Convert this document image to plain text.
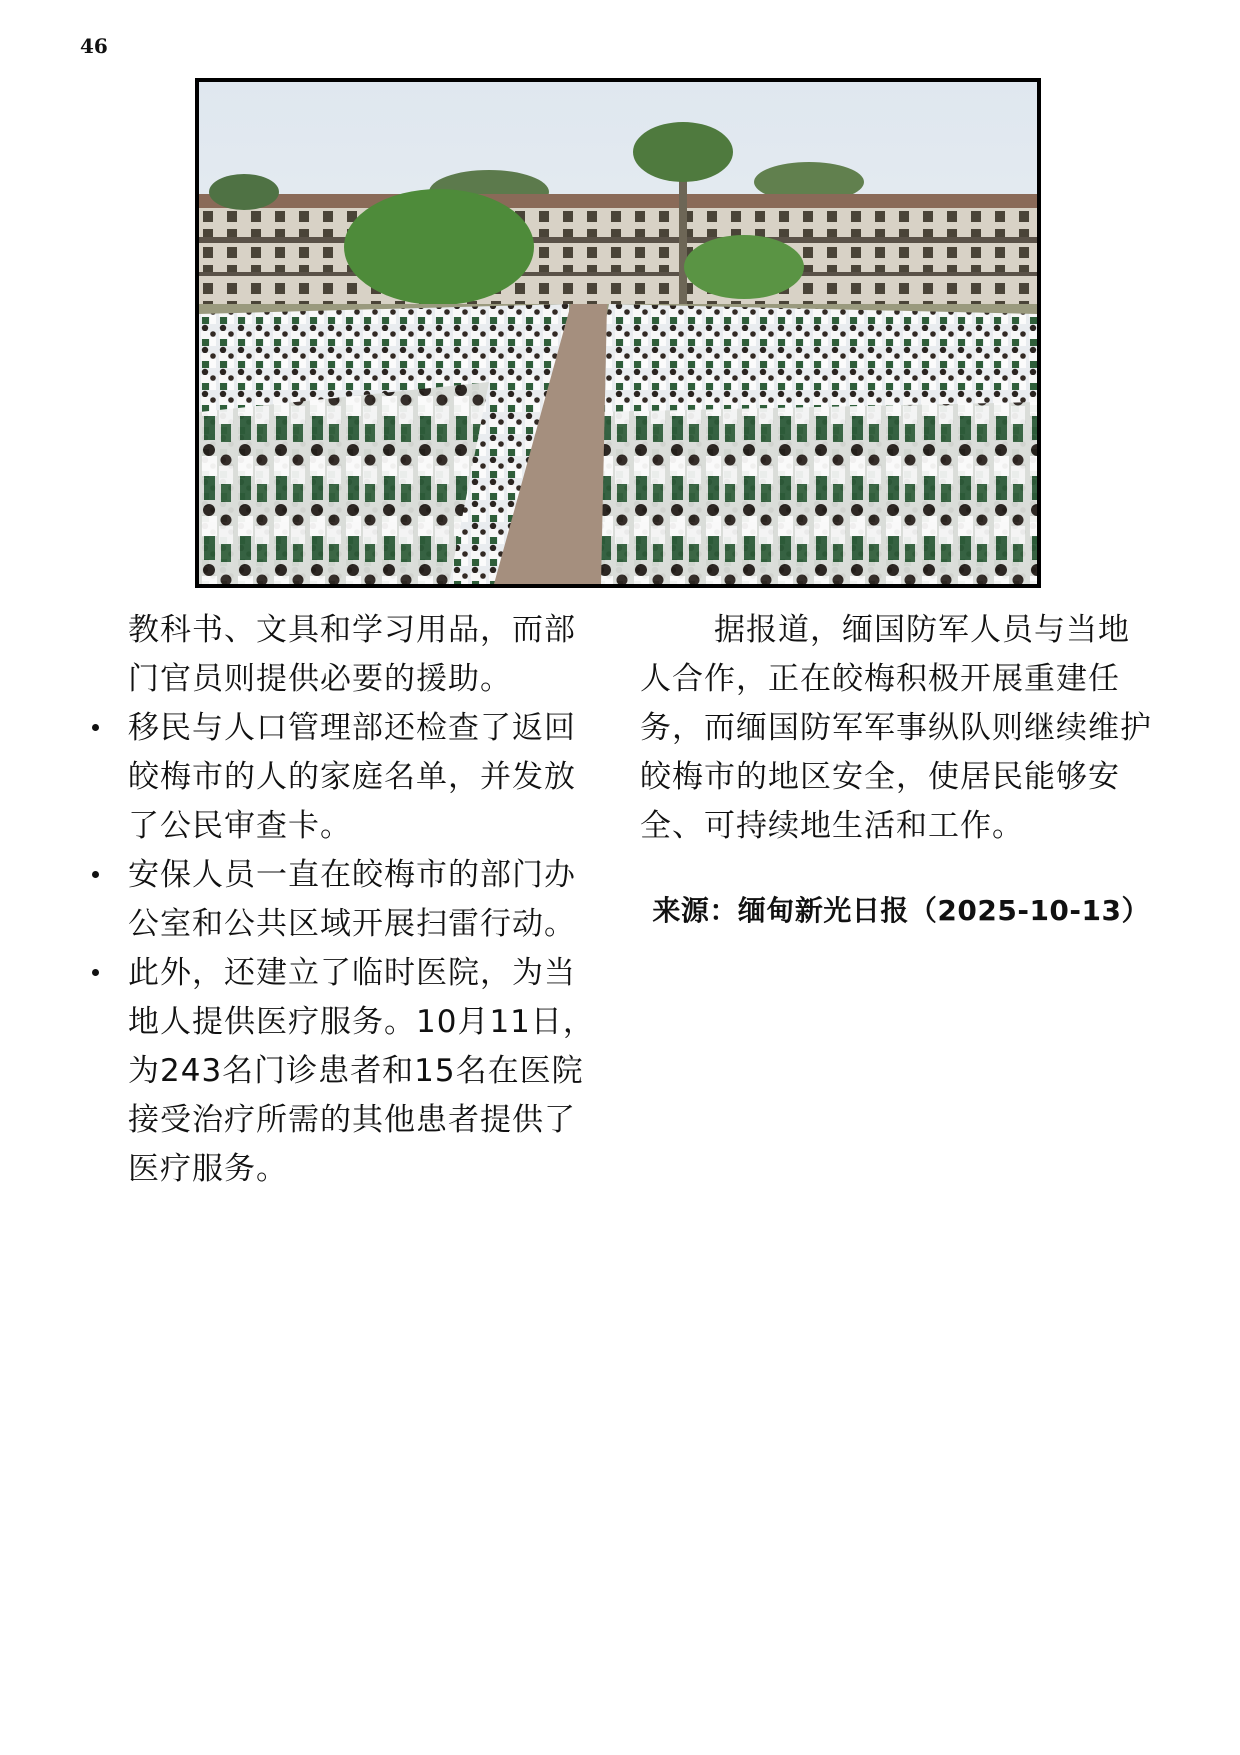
46

教科书、文具和学习用品，而部门官员则提供必要的援助。

移民与人口管理部还检查了返回皎梅市的人的家庭名单，并发放了公民审查卡。
安保人员一直在皎梅市的部门办公室和公共区域开展扫雷行动。
此外，还建立了临时医院，为当地人提供医疗服务。10月11日，为243名门诊患者和15名在医院接受治疗所需的其他患者提供了医疗服务。

据报道，缅国防军人员与当地人合作，正在皎梅积极开展重建任务，而缅国防军军事纵队则继续维护皎梅市的地区安全，使居民能够安全、可持续地生活和工作。

来源：缅甸新光日报（2025-10-13）
